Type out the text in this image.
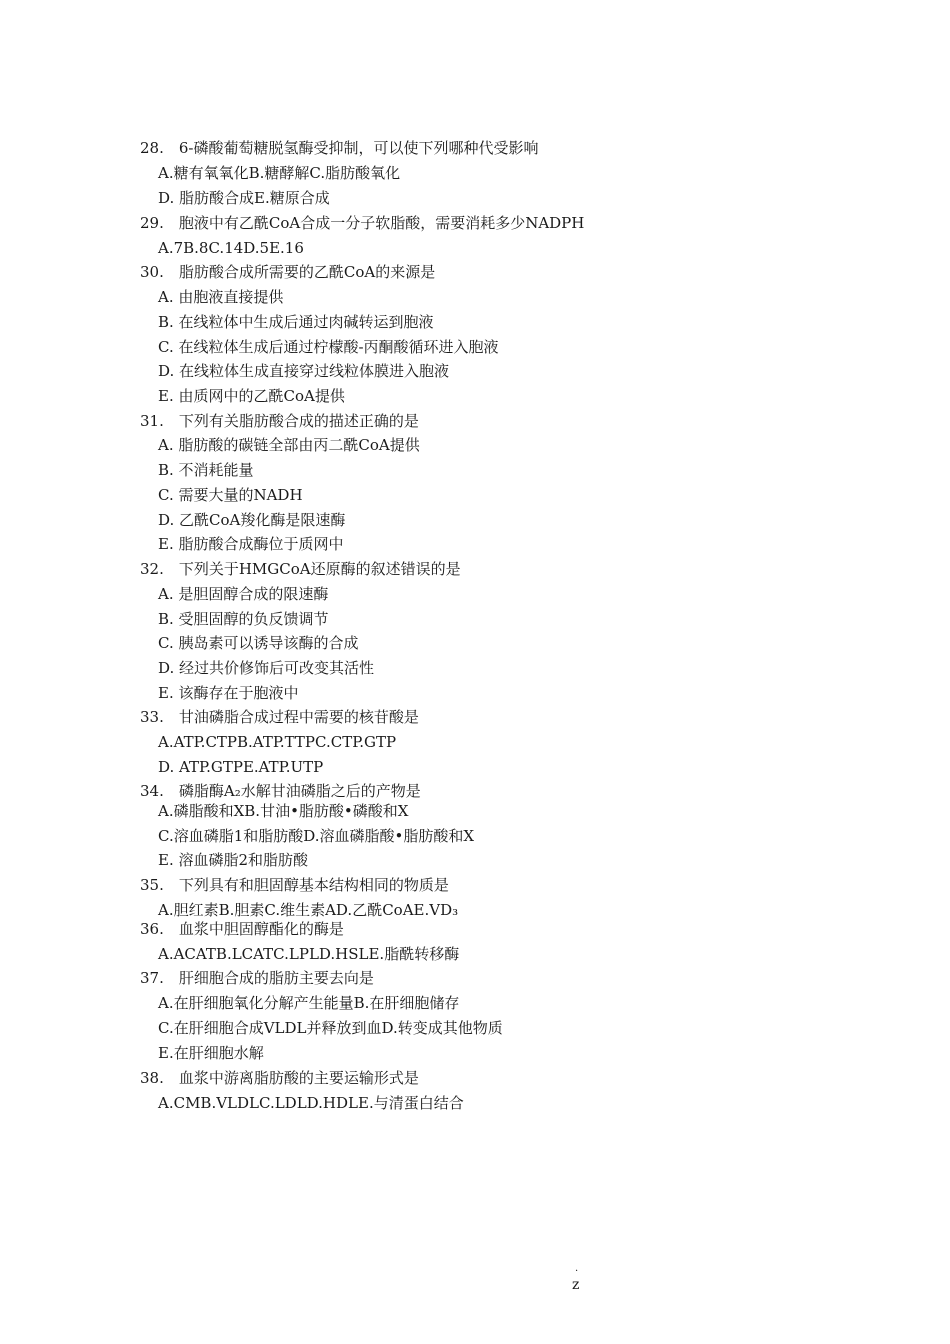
28.　6-磷酸葡萄糖脱氢酶受抑制，可以使下列哪种代受影响
A.糖有氧氧化B.糖酵解C.脂肪酸氧化
D. 脂肪酸合成E.糖原合成
29.　胞液中有乙酰CoA合成一分子软脂酸，需要消耗多少NADPH
A.7B.8C.14D.5E.16
30.　脂肪酸合成所需要的乙酰CoA的来源是
A. 由胞液直接提供
B. 在线粒体中生成后通过肉碱转运到胞液
C. 在线粒体生成后通过柠檬酸-丙酮酸循环进入胞液
D. 在线粒体生成直接穿过线粒体膜进入胞液
E. 由质网中的乙酰CoA提供
31.　下列有关脂肪酸合成的描述正确的是
A. 脂肪酸的碳链全部由丙二酰CoA提供
B. 不消耗能量
C. 需要大量的NADH
D. 乙酰CoA羧化酶是限速酶
E. 脂肪酸合成酶位于质网中
32.　下列关于HMGCoA还原酶的叙述错误的是
A. 是胆固醇合成的限速酶
B. 受胆固醇的负反馈调节
C. 胰岛素可以诱导该酶的合成
D. 经过共价修饰后可改变其活性
E. 该酶存在于胞液中
33.　甘油磷脂合成过程中需要的核苷酸是
A.ATP.CTPB.ATP.TTPC.CTP.GTP
D. ATP.GTPE.ATP.UTP
34.　磷脂酶A₂水解甘油磷脂之后的产物是
A.磷脂酸和XB.甘油•脂肪酸•磷酸和X
C.溶血磷脂1和脂肪酸D.溶血磷脂酸•脂肪酸和X
E. 溶血磷脂2和脂肪酸
35.　下列具有和胆固醇基本结构相同的物质是
A.胆红素B.胆素C.维生素AD.乙酰CoAE.VD₃
36.　血浆中胆固醇酯化的酶是
A.ACATB.LCATC.LPLD.HSLE.脂酰转移酶
37.　肝细胞合成的脂肪主要去向是
A.在肝细胞氧化分解产生能量B.在肝细胞储存
C.在肝细胞合成VLDL并释放到血D.转变成其他物质
E.在肝细胞水解
38.　血浆中游离脂肪酸的主要运输形式是
A.CMB.VLDLC.LDLD.HDLE.与清蛋白结合
.
z
